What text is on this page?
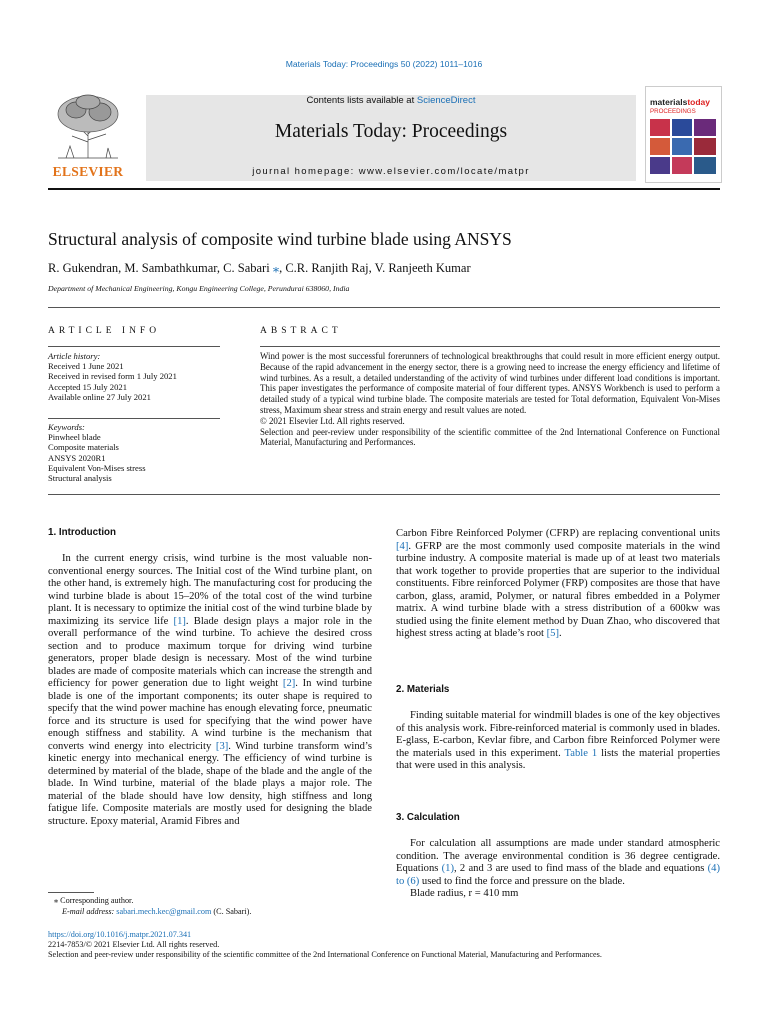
Materials Today: Proceedings 50 (2022) 1011–1016
ELSEVIER
Contents lists available at ScienceDirect
Materials Today: Proceedings
journal homepage: www.elsevier.com/locate/matpr
materialstoday
PROCEEDINGS
Structural analysis of composite wind turbine blade using ANSYS
R. Gukendran, M. Sambathkumar, C. Sabari ⁎, C.R. Ranjith Raj, V. Ranjeeth Kumar
Department of Mechanical Engineering, Kongu Engineering College, Perundurai 638060, India
ARTICLE INFO
Article history:
Received 1 June 2021
Received in revised form 1 July 2021
Accepted 15 July 2021
Available online 27 July 2021
Keywords:
Pinwheel blade
Composite materials
ANSYS 2020R1
Equivalent Von-Mises stress
Structural analysis
ABSTRACT

Wind power is the most successful forerunners of technological breakthroughs that could result in more efficient energy output. Because of the rapid advancement in the energy sector, there is a growing need to increase the energy efficiency and lifetime of wind turbines. As a result, a detailed understanding of the activity of wind turbines under different load conditions is important. This paper investigates the performance of composite material of four different types. ANSYS Workbench is used to perform a detailed study of a typical wind turbine blade. The composite materials are tested for Total deformation, Equivalent Von-Mises stress, Maximum shear stress and strain energy and result values are noted.

© 2021 Elsevier Ltd. All rights reserved.

Selection and peer-review under responsibility of the scientific committee of the 2nd International Conference on Functional Material, Manufacturing and Performances.

1. Introduction

In the current energy crisis, wind turbine is the most valuable non-conventional energy sources. The Initial cost of the Wind turbine plant, on the other hand, is extremely high. The manufacturing cost for producing the wind turbine blade is about 15–20% of the total cost of the wind turbine plant. It is necessary to optimize the initial cost of the wind turbine blade by maximizing its service life [1]. Blade design plays a major role in the overall performance of the wind turbine. To achieve the desired cross section and to produce maximum torque for driving wind turbine generators, proper blade design is necessary. Most of the wind turbine blades are made of composite materials which can increase the strength and efficiency for power generation due to light weight [2]. In wind turbine blade is one of the important components; its outer shape is required to specify that the wind power machine has enough elevating force, pneumatic force and its structure is used for specifying that the wind power have enough stiffness and stability. A wind turbine is the mechanism that converts wind energy into electricity [3]. Wind turbine transform wind’s kinetic energy into mechanical energy. The efficiency of wind turbine is determined by material of the blade, shape of the blade and the angle of the blade. In Wind turbine, material of the blade plays a major role. The material of the blade should have low density, high stiffness and long fatigue life. Composite materials are mostly used for designing the blade structure. Epoxy material, Aramid Fibres and

⁎ Corresponding author.
E-mail address: sabari.mech.kec@gmail.com (C. Sabari).

Carbon Fibre Reinforced Polymer (CFRP) are replacing conventional units [4]. GFRP are the most commonly used composite materials in the wind turbine industry. A composite material is made up of at least two materials that work together to provide properties that are superior to the individual constituents. Fibre reinforced Polymer (FRP) composites are those that have carbon, glass, aramid, Polymer, or natural fibres embedded in a Polymer matrix. A wind turbine blade with a stress distribution of a 600kw was studied using the finite element method by Duan Zhao, who discovered that highest stress acting at blade’s root [5].

2. Materials

Finding suitable material for windmill blades is one of the key objectives of this analysis work. Fibre-reinforced material is commonly used in blades. E-glass, E-carbon, Kevlar fibre, and Carbon fibre Reinforced Polymer were the materials used in this experiment. Table 1 lists the material properties that were used in this analysis.

3. Calculation

For calculation all assumptions are made under standard atmospheric condition. The average environmental condition is 36 degree centigrade. Equations (1), 2 and 3 are used to find mass of the blade and equations (4) to (6) used to find the force and pressure on the blade.

Blade radius, r = 410 mm

https://doi.org/10.1016/j.matpr.2021.07.341
2214-7853/© 2021 Elsevier Ltd. All rights reserved.
Selection and peer-review under responsibility of the scientific committee of the 2nd International Conference on Functional Material, Manufacturing and Performances.
